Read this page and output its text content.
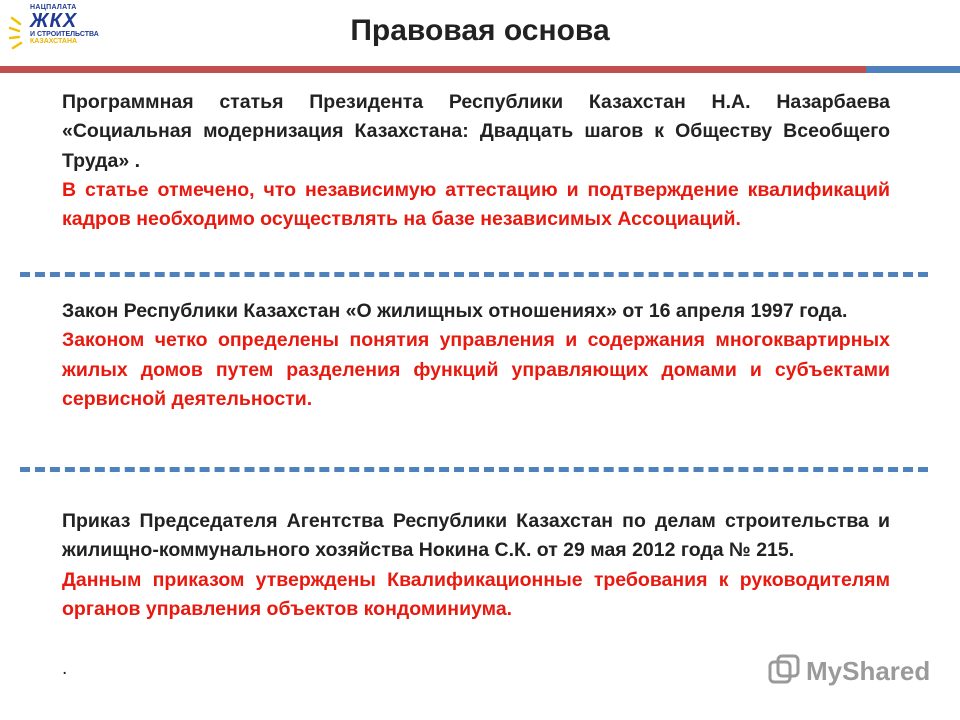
НАЦПАЛАТА
ЖКХ
И СТРОИТЕЛЬСТВА
КАЗАХСТАНА	Правовая основа

Программная статья Президента Республики Казахстан Н.А. Назарбаева «Социальная модернизация Казахстана: Двадцать шагов к Обществу Всеобщего Труда» .

В статье отмечено, что независимую аттестацию и подтверждение квалификаций кадров необходимо осуществлять на базе независимых Ассоциаций.

Закон Республики Казахстан «О жилищных отношениях» от 16 апреля 1997 года.

Законом четко определены понятия управления и содержания многоквартирных жилых домов путем разделения функций управляющих домами и субъектами сервисной деятельности.

Приказ Председателя Агентства Республики Казахстан по делам строительства и жилищно-коммунального хозяйства Нокина С.К. от 29 мая 2012 года № 215.

Данным приказом утверждены Квалификационные требования к руководителям органов управления объектов кондоминиума.

.	MyShared
